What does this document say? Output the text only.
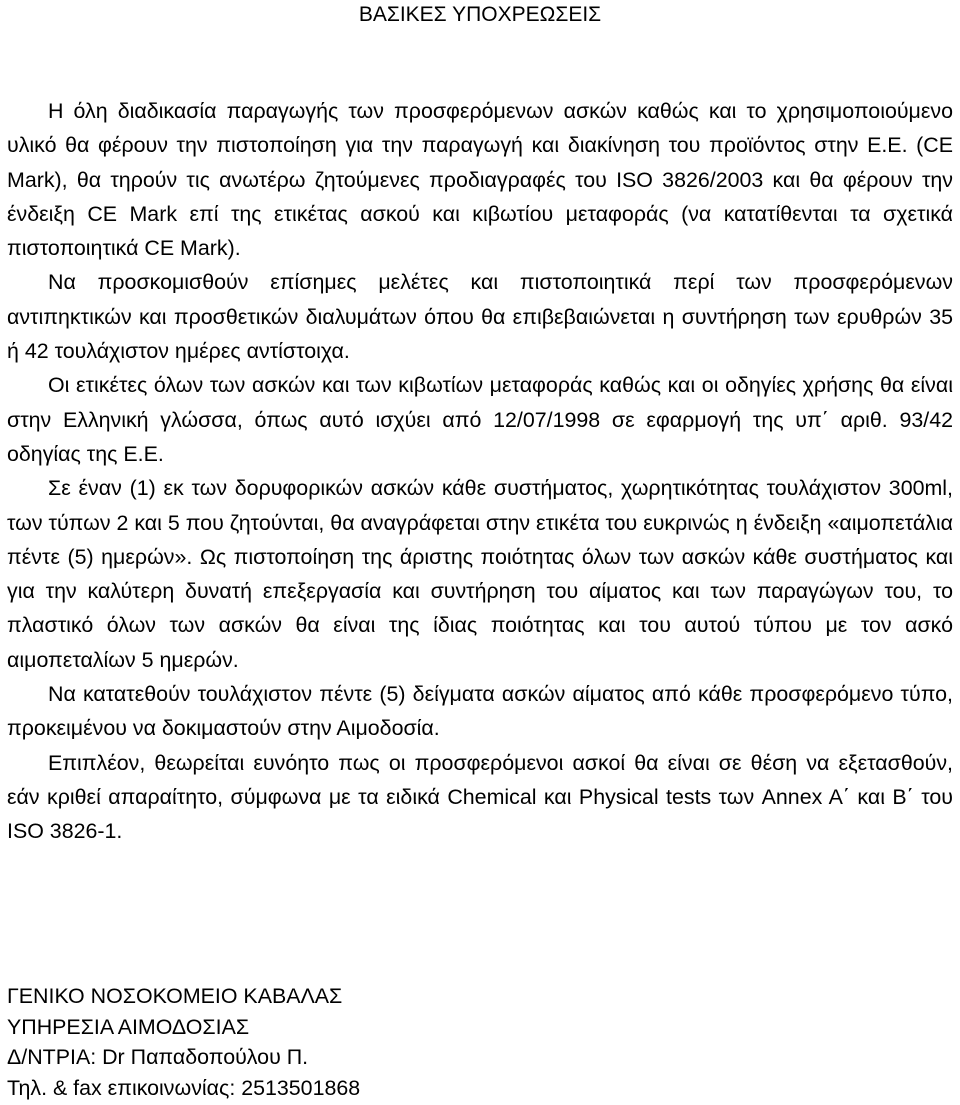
ΒΑΣΙΚΕΣ ΥΠΟΧΡΕΩΣΕΙΣ

Η όλη διαδικασία παραγωγής των προσφερόμενων ασκών καθώς και το χρησιμοποιούμενο υλικό θα φέρουν την πιστοποίηση για την παραγωγή και διακίνηση του προϊόντος στην Ε.Ε. (CE Mark), θα τηρούν τις ανωτέρω ζητούμενες προδιαγραφές του ISO 3826/2003 και θα φέρουν την ένδειξη CE Mark επί της ετικέτας ασκού και κιβωτίου μεταφοράς (να κατατίθενται τα σχετικά πιστοποιητικά CE Mark).

Να προσκομισθούν επίσημες μελέτες και πιστοποιητικά περί των προσφερόμενων αντιπηκτικών και προσθετικών διαλυμάτων όπου θα επιβεβαιώνεται η συντήρηση των ερυθρών 35 ή 42 τουλάχιστον ημέρες αντίστοιχα.

Οι ετικέτες όλων των ασκών και των κιβωτίων μεταφοράς καθώς και οι οδηγίες χρήσης θα είναι στην Ελληνική γλώσσα, όπως αυτό ισχύει από 12/07/1998 σε εφαρμογή της υπ΄ αριθ. 93/42 οδηγίας της Ε.Ε.

Σε έναν (1) εκ των δορυφορικών ασκών κάθε συστήματος, χωρητικότητας τουλάχιστον 300ml, των τύπων 2 και 5 που ζητούνται, θα αναγράφεται στην ετικέτα του ευκρινώς η ένδειξη «αιμοπετάλια πέντε (5) ημερών». Ως πιστοποίηση της άριστης ποιότητας όλων των ασκών κάθε συστήματος και για την καλύτερη δυνατή επεξεργασία και συντήρηση του αίματος και των παραγώγων του, το πλαστικό όλων των ασκών θα είναι της ίδιας ποιότητας και του αυτού τύπου με τον ασκό αιμοπεταλίων 5 ημερών.

Να κατατεθούν τουλάχιστον πέντε (5) δείγματα ασκών αίματος από κάθε προσφερόμενο τύπο, προκειμένου να δοκιμαστούν στην Αιμοδοσία.

Επιπλέον, θεωρείται ευνόητο πως οι προσφερόμενοι ασκοί θα είναι σε θέση να εξετασθούν, εάν κριθεί απαραίτητο, σύμφωνα με τα ειδικά Chemical και Physical tests των Annex A΄ και B΄ του ISO 3826-1.

ΓΕΝΙΚΟ ΝΟΣΟΚΟΜΕΙΟ ΚΑΒΑΛΑΣ
ΥΠΗΡΕΣΙΑ ΑΙΜΟΔΟΣΙΑΣ
Δ/ΝΤΡΙΑ: Dr Παπαδοπούλου Π.
Τηλ. & fax επικοινωνίας: 2513501868
